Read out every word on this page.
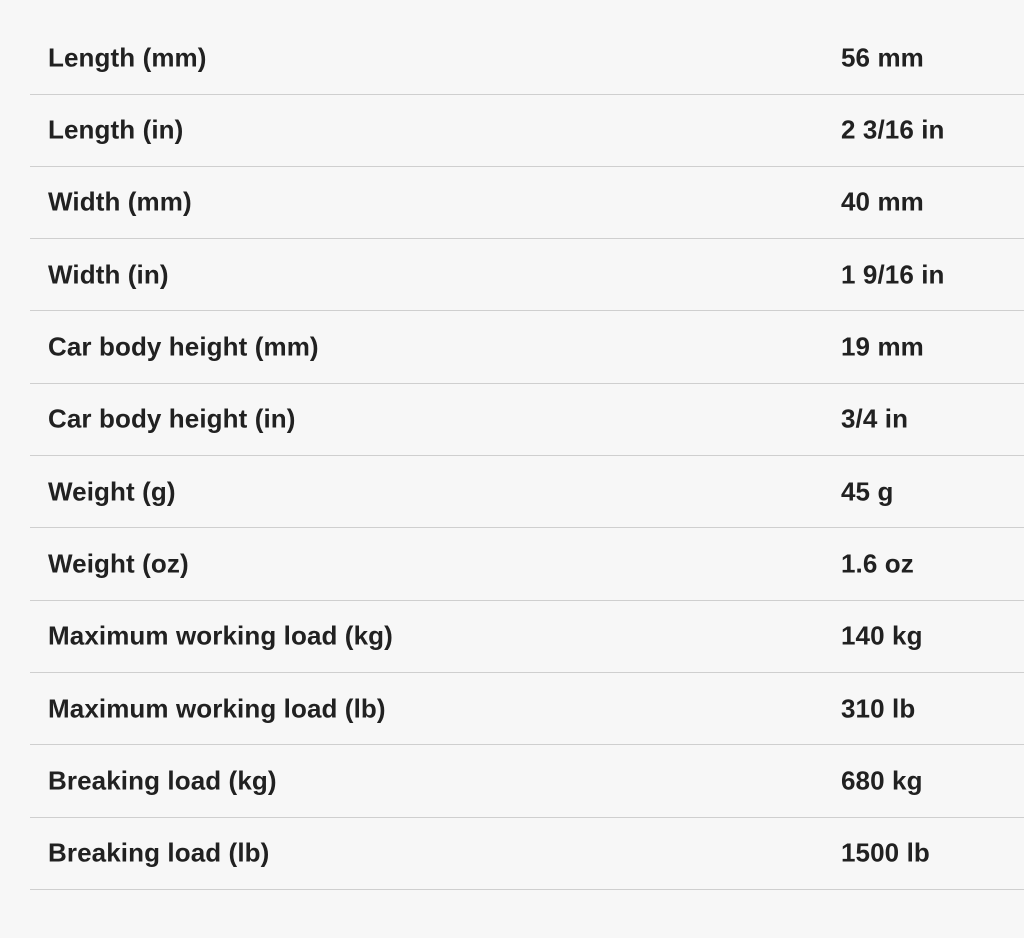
Length (mm)	56 mm
Length (in)	2 3/16 in
Width (mm)	40 mm
Width (in)	1 9/16 in
Car body height (mm)	19 mm
Car body height (in)	3/4 in
Weight (g)	45 g
Weight (oz)	1.6 oz
Maximum working load (kg)	140 kg
Maximum working load (lb)	310 lb
Breaking load (kg)	680 kg
Breaking load (lb)	1500 lb
